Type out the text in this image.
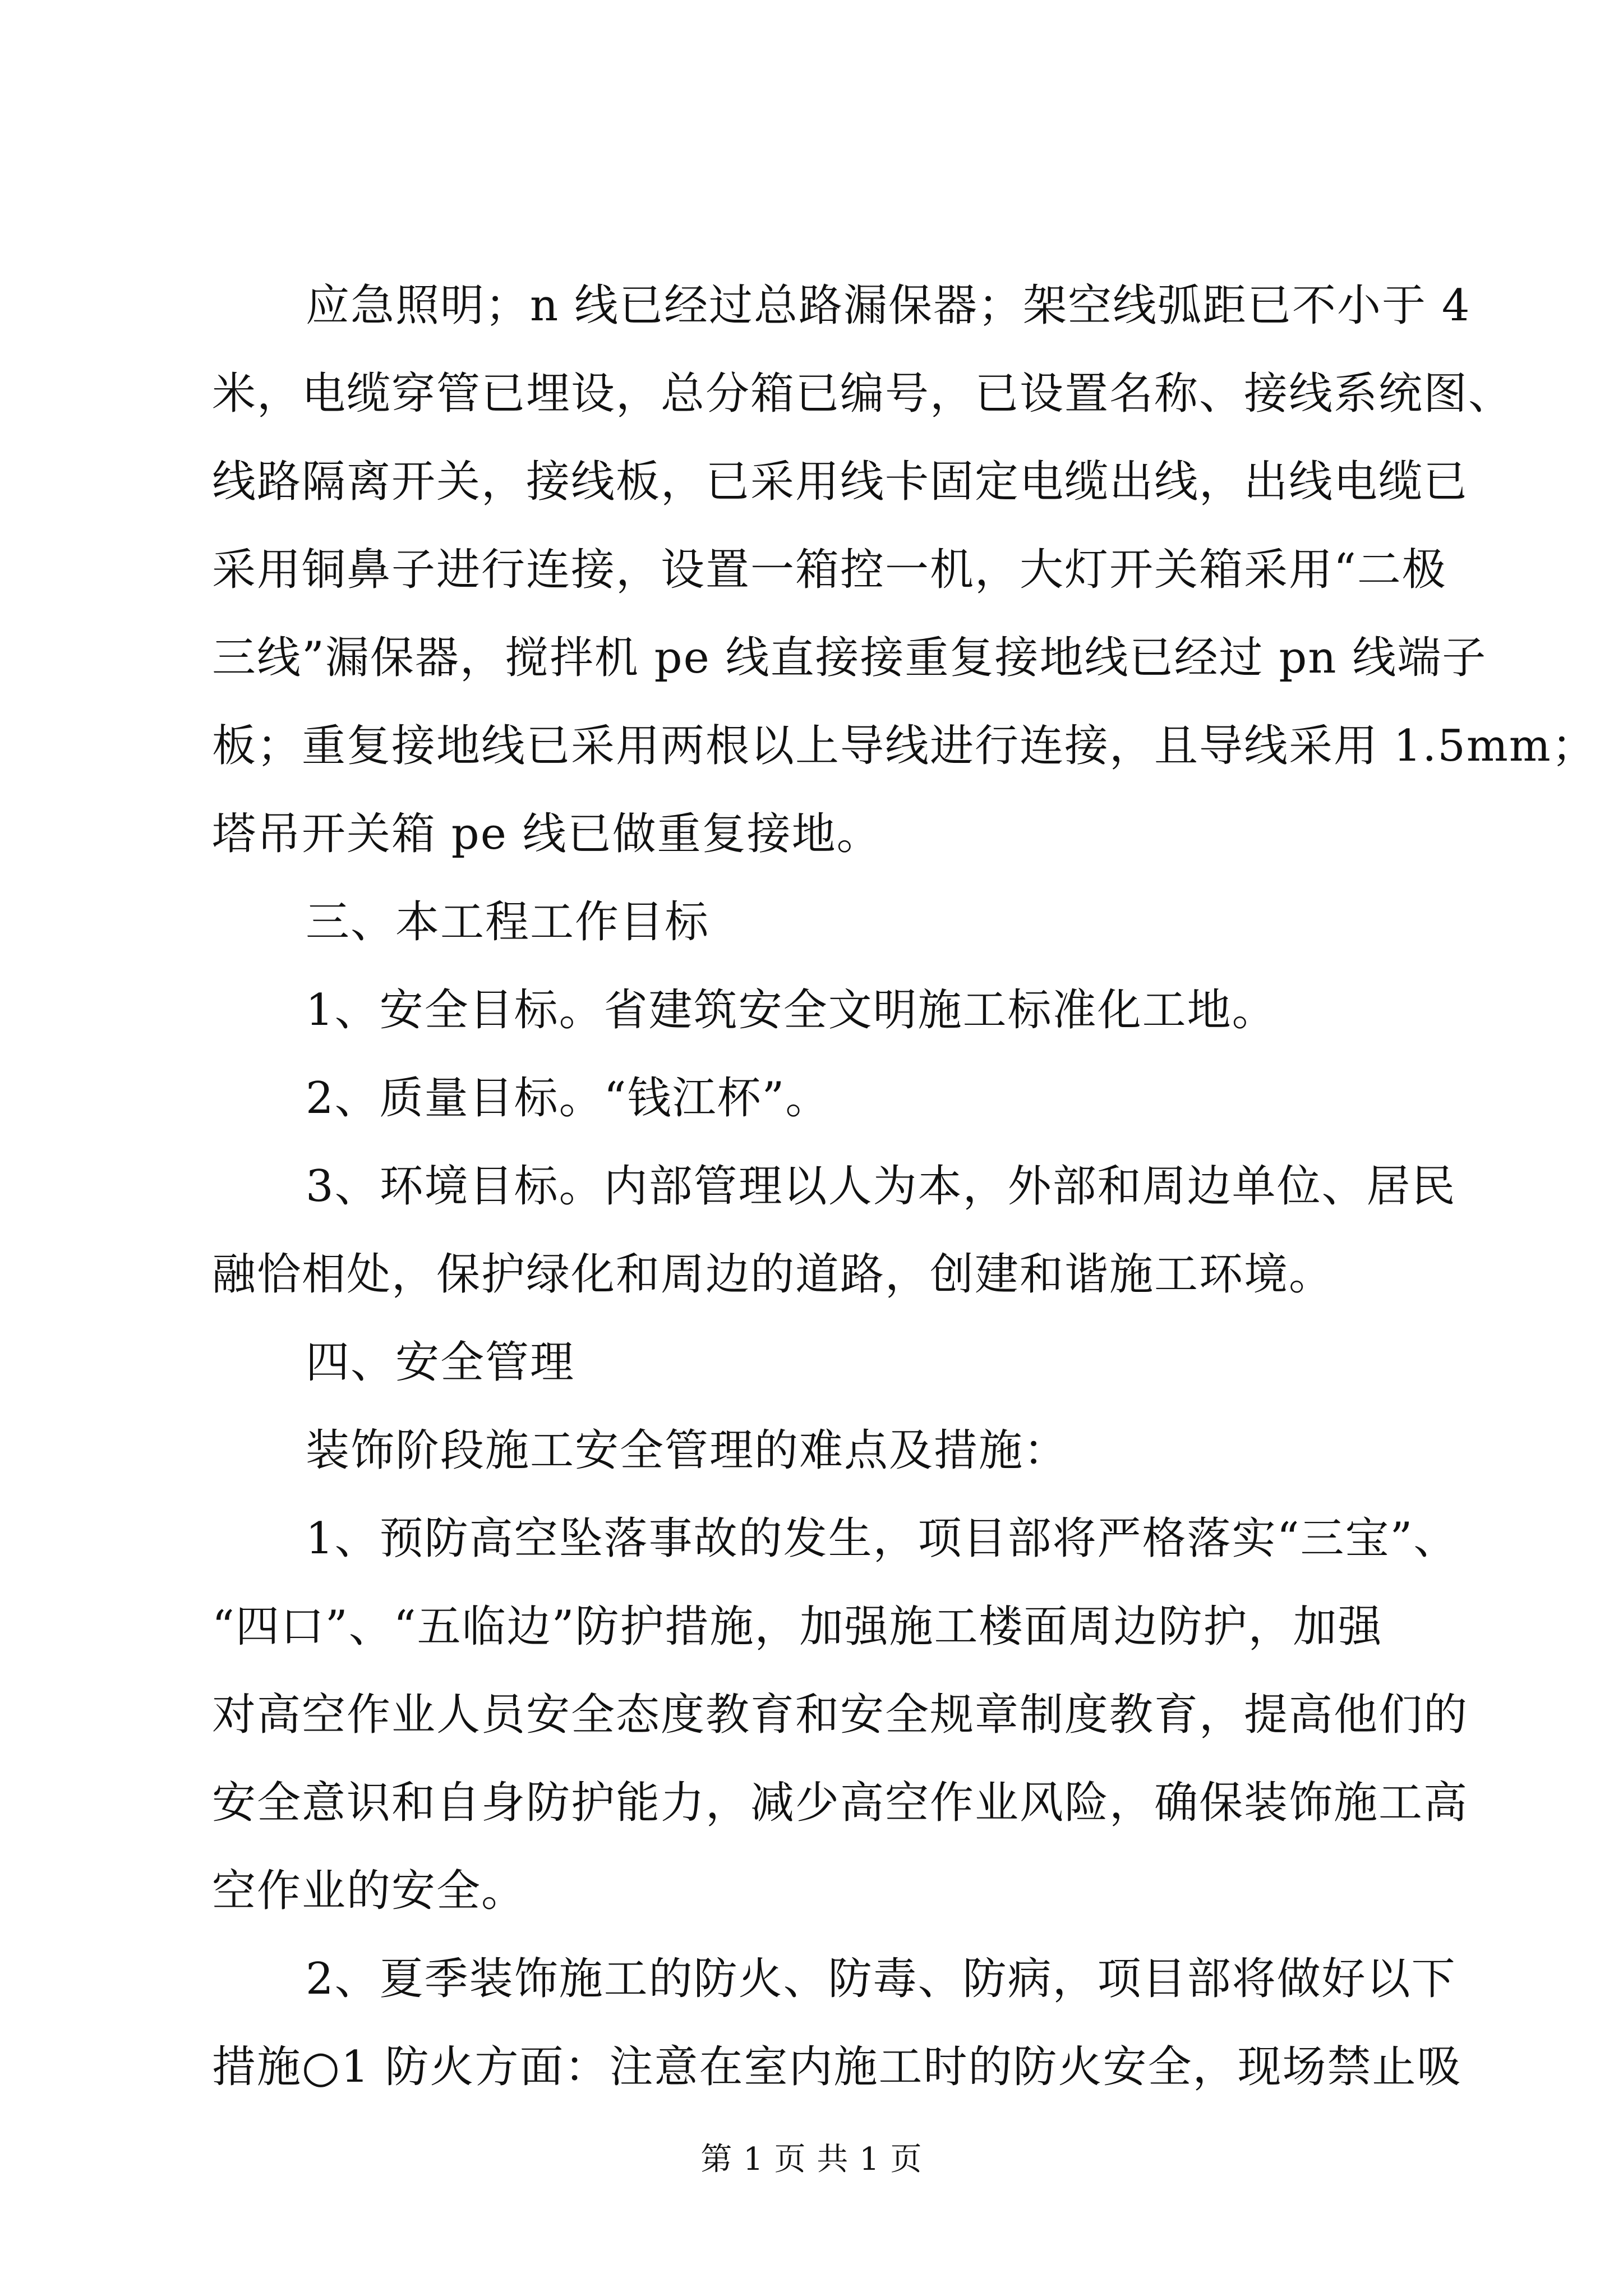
应急照明；n 线已经过总路漏保器；架空线弧距已不小于 4
米，电缆穿管已埋设，总分箱已编号，已设置名称、接线系统图、
线路隔离开关，接线板，已采用线卡固定电缆出线，出线电缆已
采用铜鼻子进行连接，设置一箱控一机，大灯开关箱采用“二极
三线”漏保器，搅拌机 pe 线直接接重复接地线已经过 pn 线端子
板；重复接地线已采用两根以上导线进行连接，且导线采用 1.5mm；
塔吊开关箱 pe 线已做重复接地。
三、本工程工作目标
1、安全目标。省建筑安全文明施工标准化工地。
2、质量目标。“钱江杯”。
3、环境目标。内部管理以人为本，外部和周边单位、居民
融恰相处，保护绿化和周边的道路，创建和谐施工环境。
四、安全管理
装饰阶段施工安全管理的难点及措施：
1、预防高空坠落事故的发生，项目部将严格落实“三宝”、
“四口”、“五临边”防护措施，加强施工楼面周边防护，加强
对高空作业人员安全态度教育和安全规章制度教育，提高他们的
安全意识和自身防护能力，减少高空作业风险，确保装饰施工高
空作业的安全。
2、夏季装饰施工的防火、防毒、防病，项目部将做好以下
措施○1 防火方面：注意在室内施工时的防火安全，现场禁止吸
第 1 页 共 1 页
